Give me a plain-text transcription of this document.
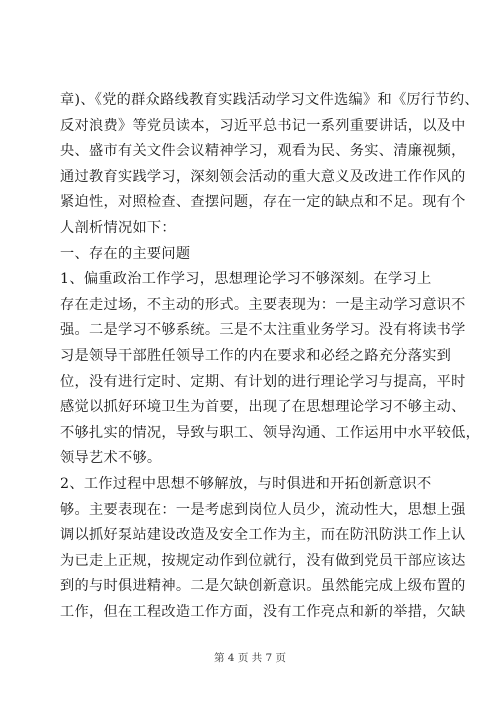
章)、《党的群众路线教育实践活动学习文件选编》和《厉行节约、
反对浪费》等党员读本，习近平总书记一系列重要讲话，以及中
央、盛市有关文件会议精神学习，观看为民、务实、清廉视频，
通过教育实践学习，深刻领会活动的重大意义及改进工作作风的
紧迫性，对照检查、查摆问题，存在一定的缺点和不足。现有个
人剖析情况如下：
一、存在的主要问题
1、偏重政治工作学习，思想理论学习不够深刻。在学习上
存在走过场，不主动的形式。主要表现为：一是主动学习意识不
强。二是学习不够系统。三是不太注重业务学习。没有将读书学
习是领导干部胜任领导工作的内在要求和必经之路充分落实到
位，没有进行定时、定期、有计划的进行理论学习与提高，平时
感觉以抓好环境卫生为首要，出现了在思想理论学习不够主动、
不够扎实的情况，导致与职工、领导沟通、工作运用中水平较低，
领导艺术不够。
2、工作过程中思想不够解放，与时俱进和开拓创新意识不
够。主要表现在：一是考虑到岗位人员少，流动性大，思想上强
调以抓好泵站建设改造及安全工作为主，而在防汛防洪工作上认
为已走上正规，按规定动作到位就行，没有做到党员干部应该达
到的与时俱进精神。二是欠缺创新意识。虽然能完成上级布置的
工作，但在工程改造工作方面，没有工作亮点和新的举措，欠缺
第 4 页 共 7 页
